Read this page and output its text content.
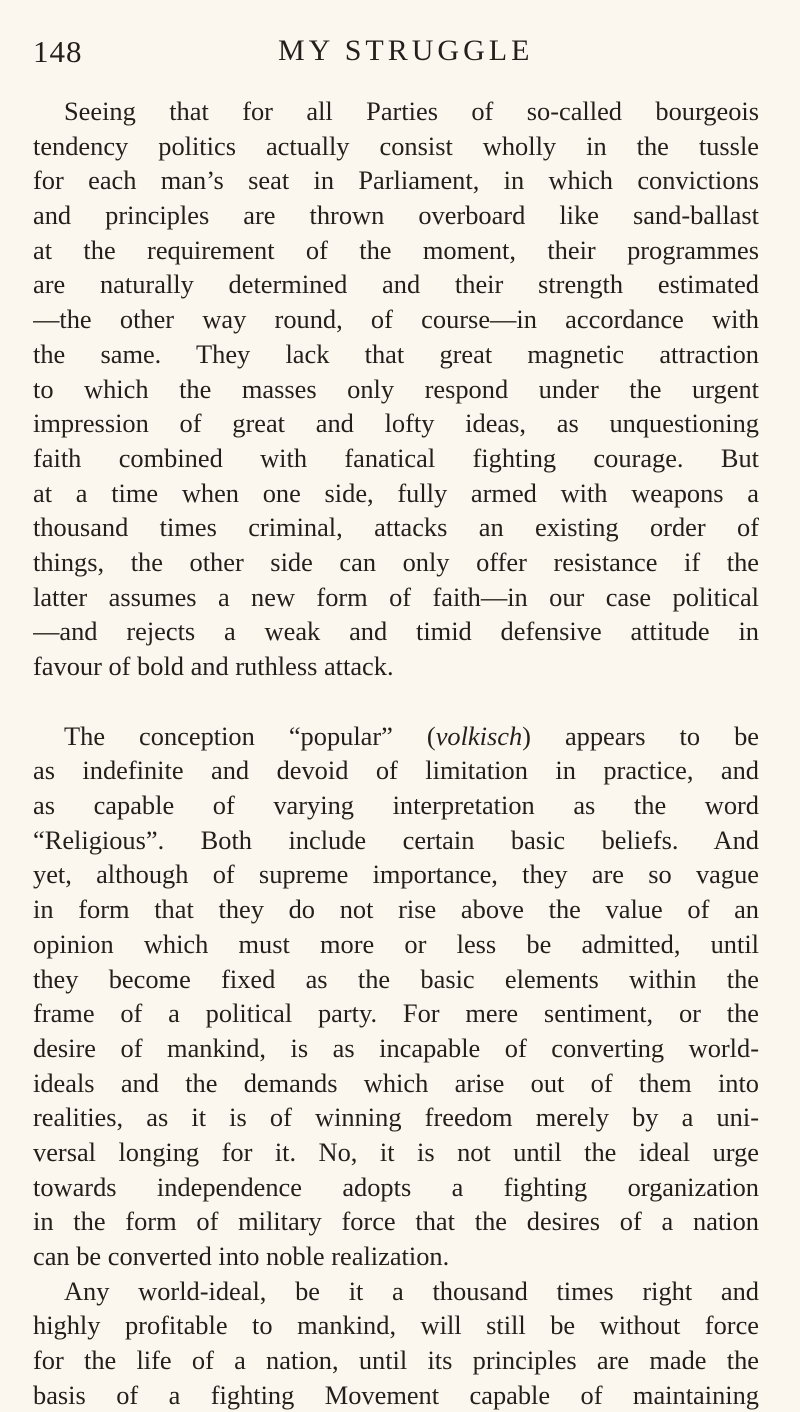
148	MY STRUGGLE
Seeing that for all Parties of so-called bourgeois
tendency politics actually consist wholly in the tussle
for each man’s seat in Parliament, in which convictions
and principles are thrown overboard like sand-ballast
at the requirement of the moment, their programmes
are naturally determined and their strength estimated
—the other way round, of course—in accordance with
the same. They lack that great magnetic attraction
to which the masses only respond under the urgent
impression of great and lofty ideas, as unquestioning
faith combined with fanatical fighting courage. But
at a time when one side, fully armed with weapons a
thousand times criminal, attacks an existing order of
things, the other side can only offer resistance if the
latter assumes a new form of faith—in our case political
—and rejects a weak and timid defensive attitude in
favour of bold and ruthless attack.
The conception “popular” (volkisch) appears to be
as indefinite and devoid of limitation in practice, and
as capable of varying interpretation as the word
“Religious”. Both include certain basic beliefs. And
yet, although of supreme importance, they are so vague
in form that they do not rise above the value of an
opinion which must more or less be admitted, until
they become fixed as the basic elements within the
frame of a political party. For mere sentiment, or the
desire of mankind, is as incapable of converting world-
ideals and the demands which arise out of them into
realities, as it is of winning freedom merely by a uni-
versal longing for it. No, it is not until the ideal urge
towards independence adopts a fighting organization
in the form of military force that the desires of a nation
can be converted into noble realization.
Any world-ideal, be it a thousand times right and
highly profitable to mankind, will still be without force
for the life of a nation, until its principles are made the
basis of a fighting Movement capable of maintaining
